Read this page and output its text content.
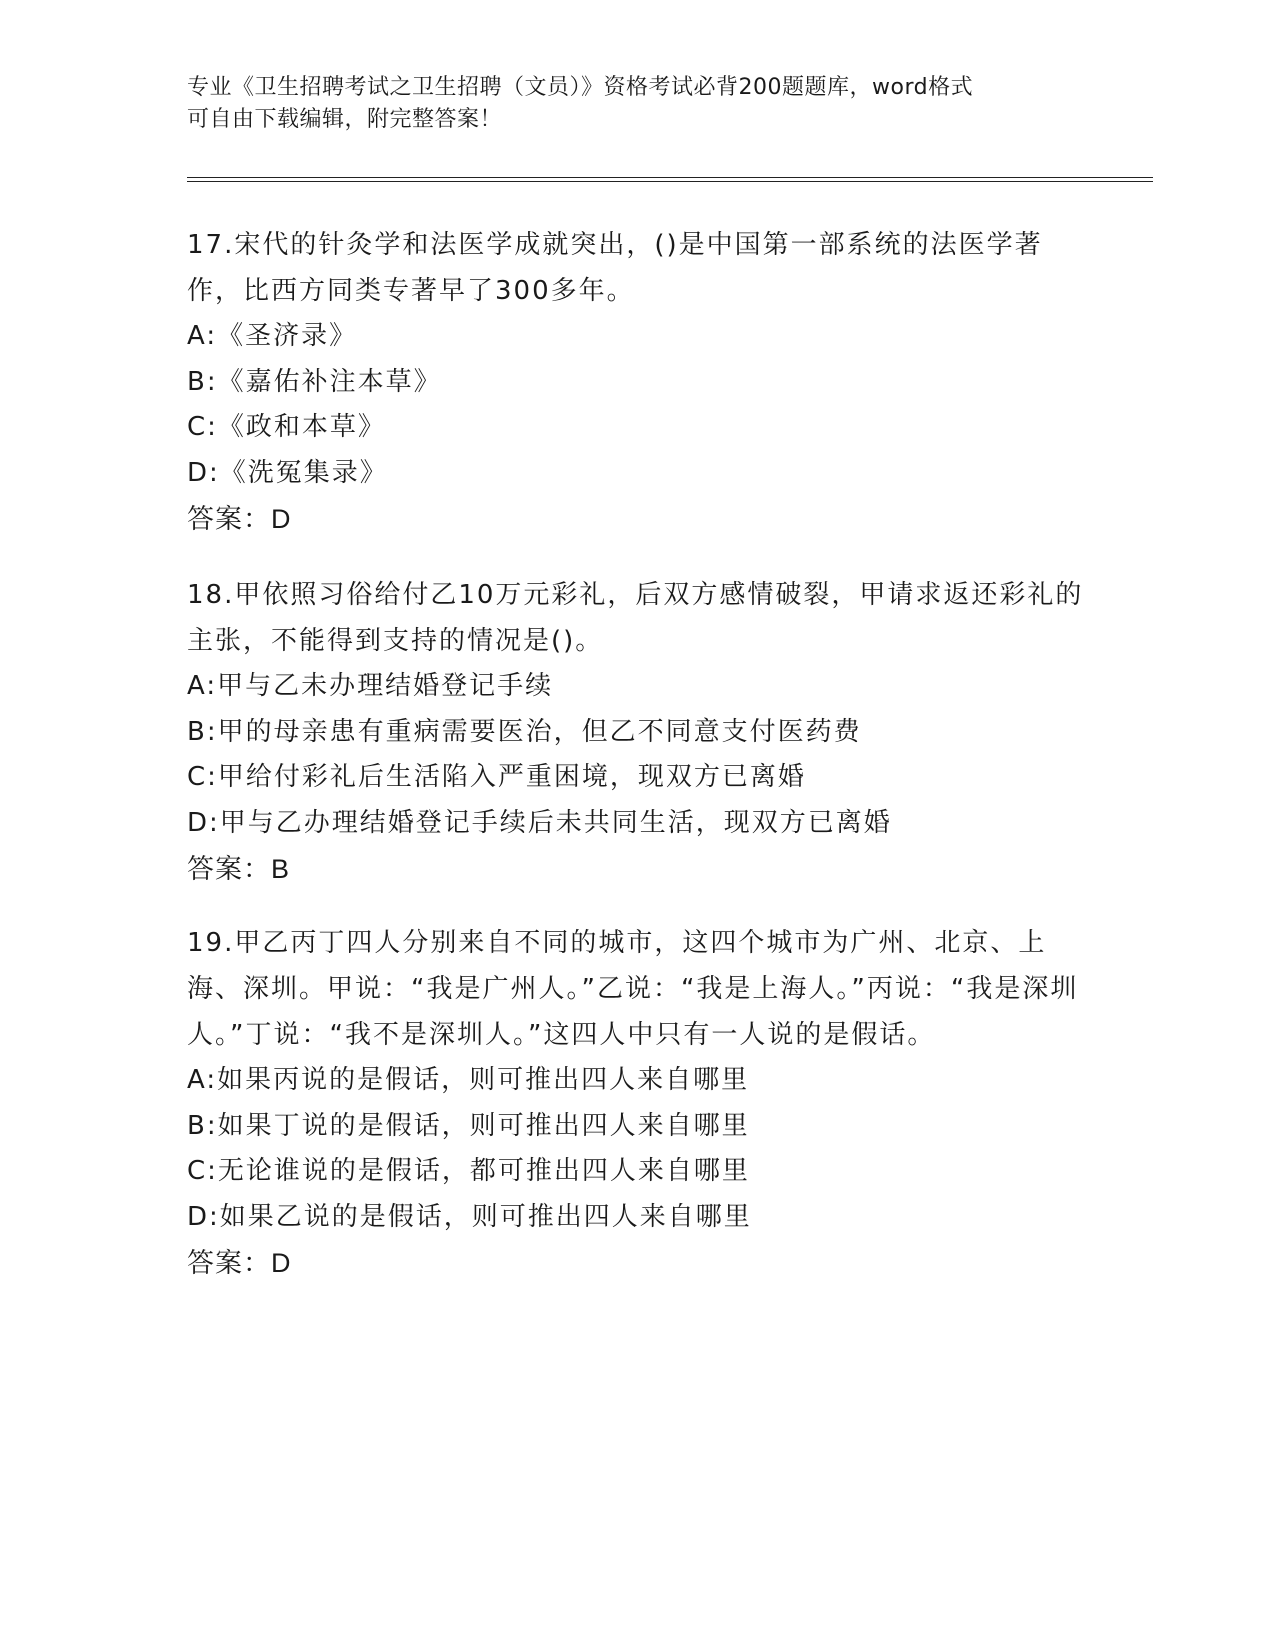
专业《卫生招聘考试之卫生招聘（文员）》资格考试必背200题题库，word格式
可自由下载编辑，附完整答案！
17.宋代的针灸学和法医学成就突出，()是中国第一部系统的法医学著作，比西方同类专著早了300多年。
A:《圣济录》
B:《嘉佑补注本草》
C:《政和本草》
D:《洗冤集录》
答案：D
18.甲依照习俗给付乙10万元彩礼，后双方感情破裂，甲请求返还彩礼的主张，不能得到支持的情况是()。
A:甲与乙未办理结婚登记手续
B:甲的母亲患有重病需要医治，但乙不同意支付医药费
C:甲给付彩礼后生活陷入严重困境，现双方已离婚
D:甲与乙办理结婚登记手续后未共同生活，现双方已离婚
答案：B
19.甲乙丙丁四人分别来自不同的城市，这四个城市为广州、北京、上海、深圳。甲说：“我是广州人。”乙说：“我是上海人。”丙说：“我是深圳人。”丁说：“我不是深圳人。”这四人中只有一人说的是假话。
A:如果丙说的是假话，则可推出四人来自哪里
B:如果丁说的是假话，则可推出四人来自哪里
C:无论谁说的是假话，都可推出四人来自哪里
D:如果乙说的是假话，则可推出四人来自哪里
答案：D
